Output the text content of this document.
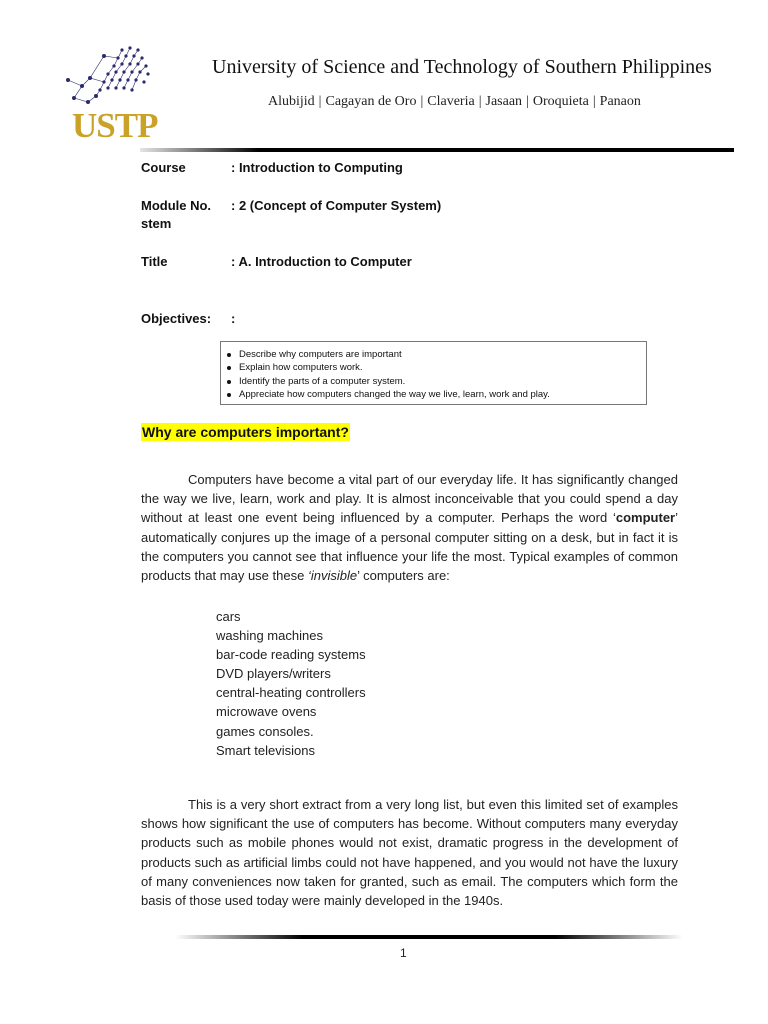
USTP
University of Science and Technology of Southern Philippines
Alubijid | Cagayan de Oro | Claveria | Jasaan | Oroquieta | Panaon
Course	: Introduction to Computing
Module No.
stem
: 2 (Concept of Computer System)
Title	: A. Introduction to Computer
Objectives: :
Describe why computers are important
Explain how computers work.
Identify the parts of a computer system.
Appreciate how computers changed the way we live, learn, work and play.
Why are computers important?
Computers have become a vital part of our everyday life. It has significantly changed the way we live, learn, work and play. It is almost inconceivable that you could spend a day without at least one event being influenced by a computer. Perhaps the word ‘computer’ automatically conjures up the image of a personal computer sitting on a desk, but in fact it is the computers you cannot see that influence your life the most. Typical examples of common products that may use these ‘invisible’ computers are:
cars
washing machines
bar-code reading systems
DVD players/writers
central-heating controllers
microwave ovens
games consoles.
Smart televisions
This is a very short extract from a very long list, but even this limited set of examples shows how significant the use of computers has become. Without computers many everyday products such as mobile phones would not exist, dramatic progress in the development of products such as artificial limbs could not have happened, and you would not have the luxury of many conveniences now taken for granted, such as email. The computers which form the basis of those used today were mainly developed in the 1940s.
1
